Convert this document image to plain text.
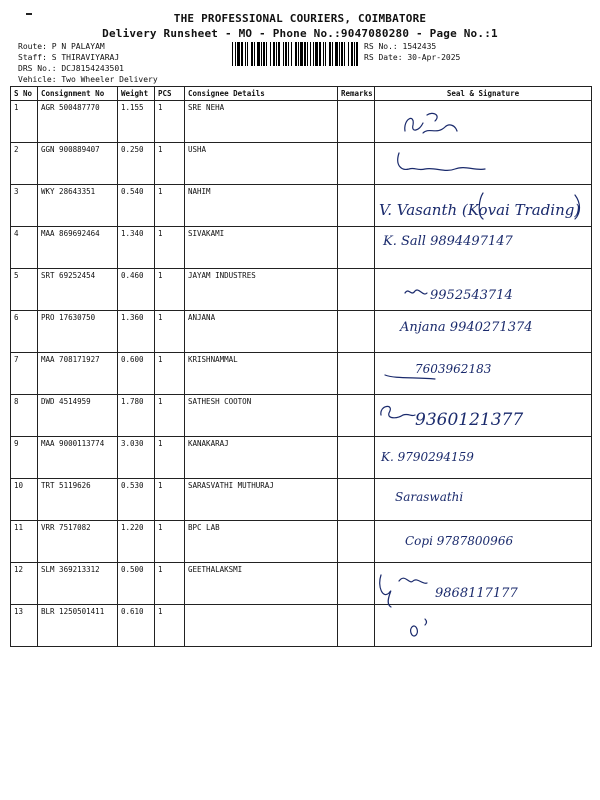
THE PROFESSIONAL COURIERS, COIMBATORE
Delivery Runsheet - MO - Phone No.:9047080280 - Page No.:1
Route: P N PALAYAM
Staff: S THIRAVIYARAJ
DRS No.: DCJ8154243501
Vehicle: Two Wheeler Delivery
RS No.: 1542435
RS Date: 30-Apr-2025
S No	Consignment No	Weight	PCS	Consignee Details	Remarks	Seal & Signature
1	AGR 500487770	1.155	1	SRE NEHA		

2	GGN 900889407	0.250	1	USHA		

3	WKY 28643351	0.540	1	NAHIM		V. Vasanth (Kovai Trading)

4	MAA 869692464	1.340	1	SIVAKAMI		K. Sall 9894497147

5	SRT 69252454	0.460	1	JAYAM INDUSTRES		9952543714

6	PRO 17630750	1.360	1	ANJANA		Anjana 9940271374

7	MAA 708171927	0.600	1	KRISHNAMMAL		7603962183

8	DWD 4514959	1.780	1	SATHESH COOTON		9360121377

9	MAA 9000113774	3.030	1	KANAKARAJ		K. 9790294159

10	TRT 5119626	0.530	1	SARASVATHI MUTHURAJ		Saraswathi

11	VRR 7517082	1.220	1	BPC LAB		Copi 9787800966

12	SLM 369213312	0.500	1	GEETHALAKSMI		9868117177

13	BLR 1250501411	0.610	1			
